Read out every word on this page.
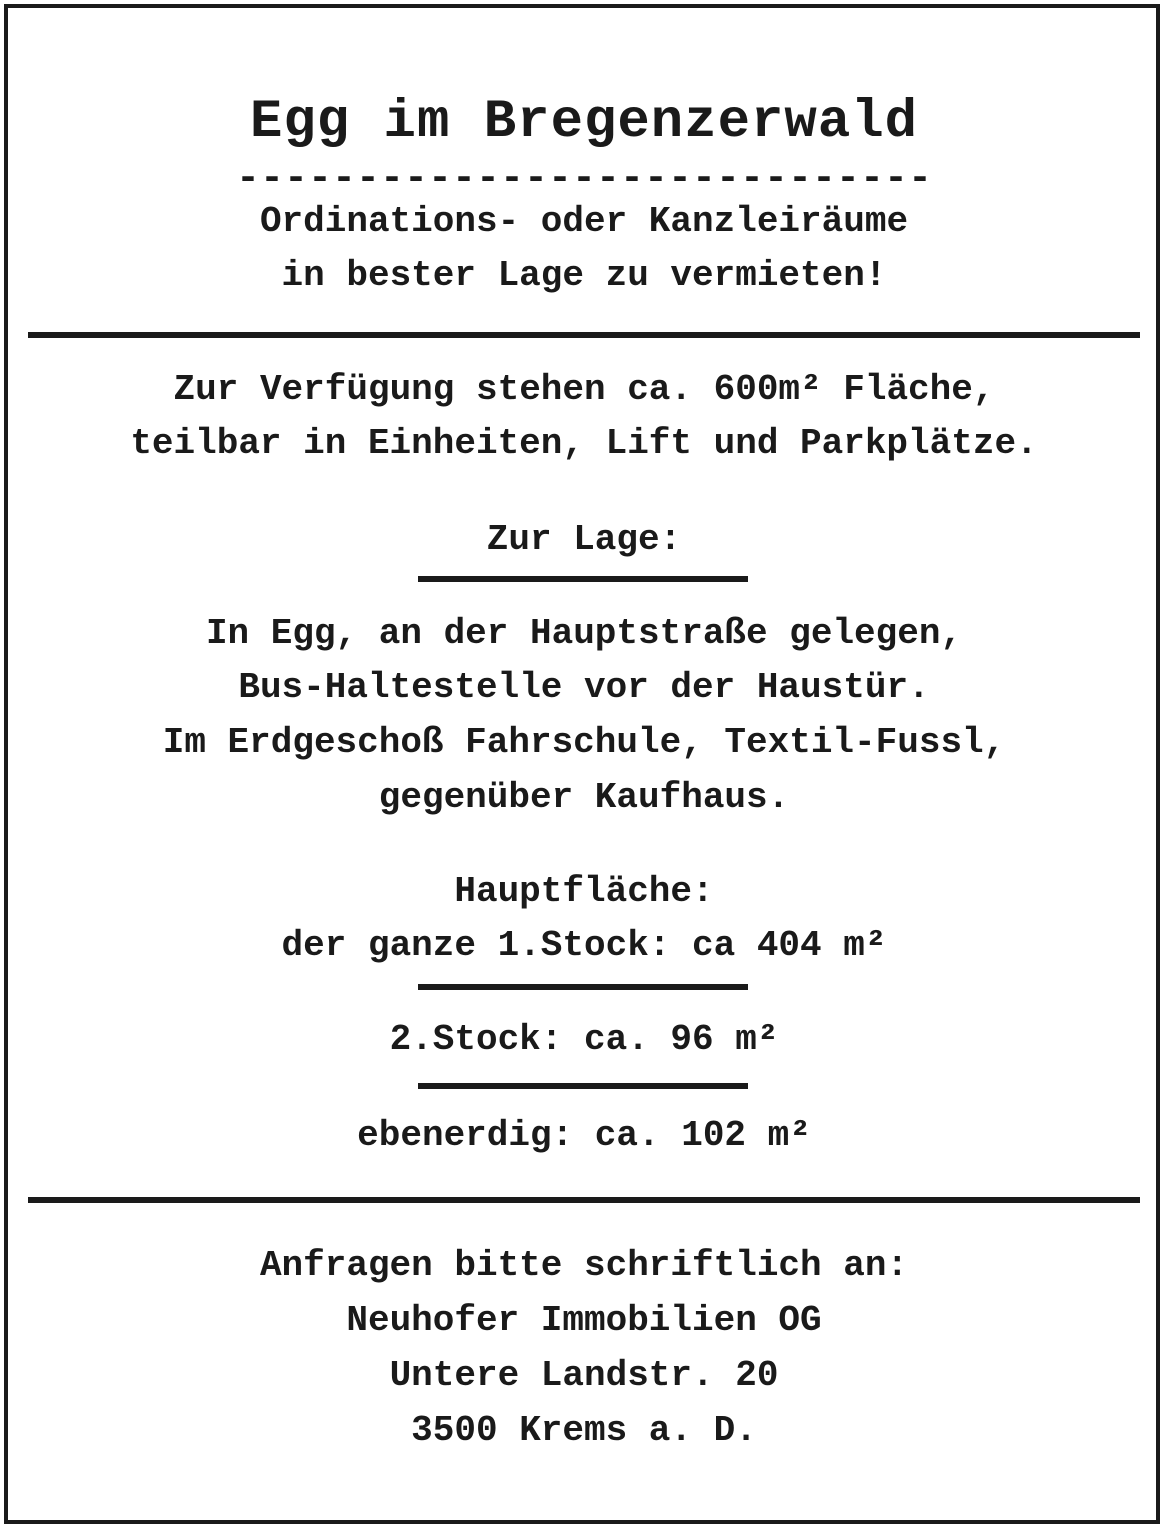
Egg im Bregenzerwald
-----------------------------
Ordinations- oder Kanzleiräume
in bester Lage zu vermieten!
Zur Verfügung stehen ca. 600m² Fläche,
teilbar in Einheiten, Lift und Parkplätze.
Zur Lage:
In Egg, an der Hauptstraße gelegen,
Bus-Haltestelle vor der Haustür.
Im Erdgeschoß Fahrschule, Textil-Fussl,
gegenüber Kaufhaus.
Hauptfläche:
der ganze 1.Stock: ca 404 m²
2.Stock: ca. 96 m²
ebenerdig: ca. 102 m²
Anfragen bitte schriftlich an:
Neuhofer Immobilien OG
Untere Landstr. 20
3500 Krems a. D.
